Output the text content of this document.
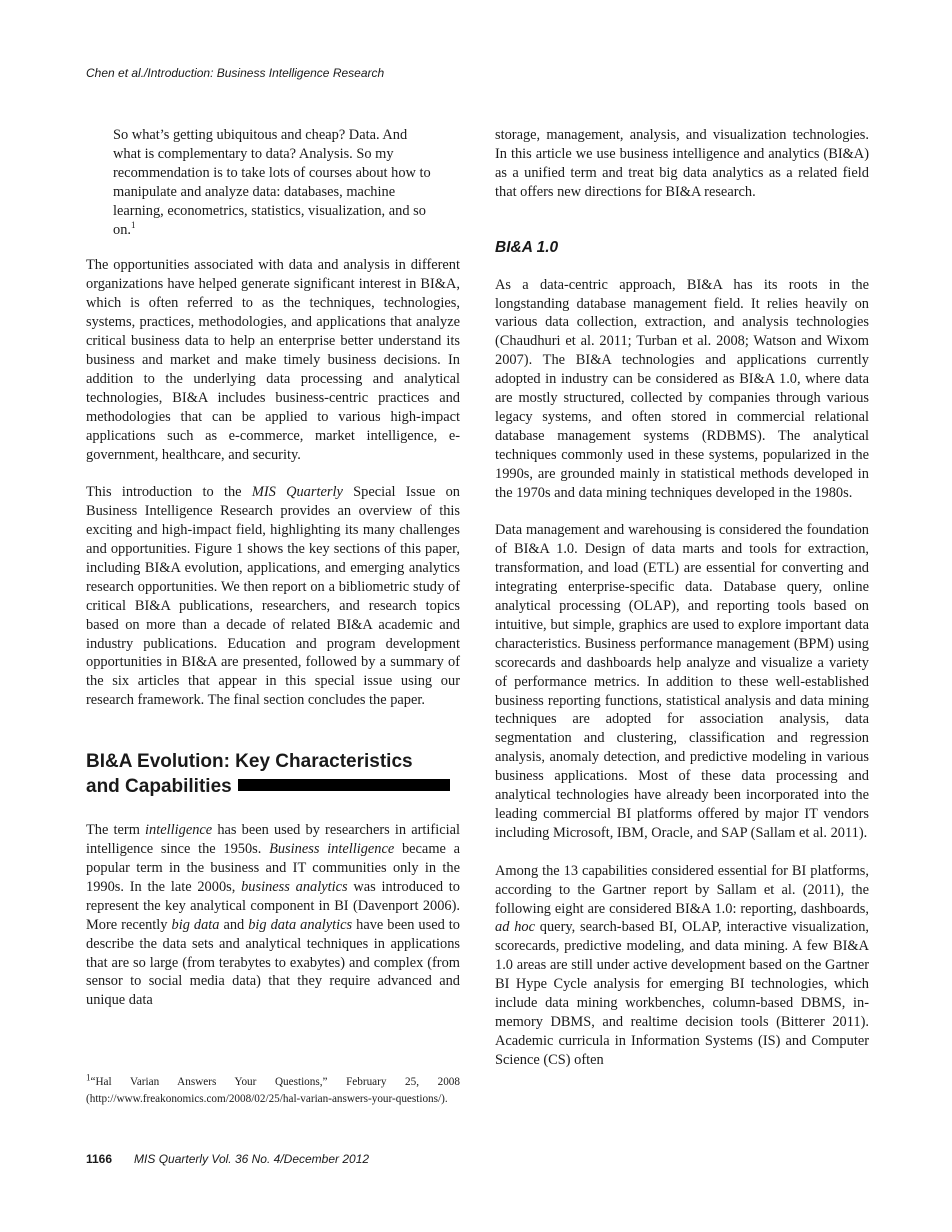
Chen et al./Introduction: Business Intelligence Research

So what’s getting ubiquitous and cheap? Data. And what is complementary to data? Analysis. So my recommendation is to take lots of courses about how to manipulate and analyze data: databases, machine learning, econometrics, statistics, visualization, and so on.$^1$

The opportunities associated with data and analysis in different organizations have helped generate significant interest in BI&A, which is often referred to as the techniques, technologies, systems, practices, methodologies, and applications that analyze critical business data to help an enterprise better understand its business and market and make timely business decisions. In addition to the underlying data processing and analytical technologies, BI&A includes business-centric practices and methodologies that can be applied to various high-impact applications such as e-commerce, market intelligence, e-government, healthcare, and security.

This introduction to the MIS Quarterly Special Issue on Business Intelligence Research provides an overview of this exciting and high-impact field, highlighting its many challenges and opportunities. Figure 1 shows the key sections of this paper, including BI&A evolution, applications, and emerging analytics research opportunities. We then report on a bibliometric study of critical BI&A publications, researchers, and research topics based on more than a decade of related BI&A academic and industry publications. Education and program development opportunities in BI&A are presented, followed by a summary of the six articles that appear in this special issue using our research framework. The final section concludes the paper.

BI&A Evolution: Key Characteristics
and Capabilities

The term intelligence has been used by researchers in artificial intelligence since the 1950s. Business intelligence became a popular term in the business and IT communities only in the 1990s. In the late 2000s, business analytics was introduced to represent the key analytical component in BI (Davenport 2006). More recently big data and big data analytics have been used to describe the data sets and analytical techniques in applications that are so large (from terabytes to exabytes) and complex (from sensor to social media data) that they require advanced and unique data

$^1$“Hal Varian Answers Your Questions,” February 25, 2008 (http://www.freakonomics.com/2008/02/25/hal-varian-answers-your-questions/).

storage, management, analysis, and visualization technologies. In this article we use business intelligence and analytics (BI&A) as a unified term and treat big data analytics as a related field that offers new directions for BI&A research.

BI&A 1.0

As a data-centric approach, BI&A has its roots in the longstanding database management field. It relies heavily on various data collection, extraction, and analysis technologies (Chaudhuri et al. 2011; Turban et al. 2008; Watson and Wixom 2007). The BI&A technologies and applications currently adopted in industry can be considered as BI&A 1.0, where data are mostly structured, collected by companies through various legacy systems, and often stored in commercial relational database management systems (RDBMS). The analytical techniques commonly used in these systems, popularized in the 1990s, are grounded mainly in statistical methods developed in the 1970s and data mining techniques developed in the 1980s.

Data management and warehousing is considered the foundation of BI&A 1.0. Design of data marts and tools for extraction, transformation, and load (ETL) are essential for converting and integrating enterprise-specific data. Database query, online analytical processing (OLAP), and reporting tools based on intuitive, but simple, graphics are used to explore important data characteristics. Business performance management (BPM) using scorecards and dashboards help analyze and visualize a variety of performance metrics. In addition to these well-established business reporting functions, statistical analysis and data mining techniques are adopted for association analysis, data segmentation and clustering, classification and regression analysis, anomaly detection, and predictive modeling in various business applications. Most of these data processing and analytical technologies have already been incorporated into the leading commercial BI platforms offered by major IT vendors including Microsoft, IBM, Oracle, and SAP (Sallam et al. 2011).

Among the 13 capabilities considered essential for BI platforms, according to the Gartner report by Sallam et al. (2011), the following eight are considered BI&A 1.0: reporting, dashboards, ad hoc query, search-based BI, OLAP, interactive visualization, scorecards, predictive modeling, and data mining. A few BI&A 1.0 areas are still under active development based on the Gartner BI Hype Cycle analysis for emerging BI technologies, which include data mining workbenches, column-based DBMS, in-memory DBMS, and realtime decision tools (Bitterer 2011). Academic curricula in Information Systems (IS) and Computer Science (CS) often

1166 MIS Quarterly Vol. 36 No. 4/December 2012
